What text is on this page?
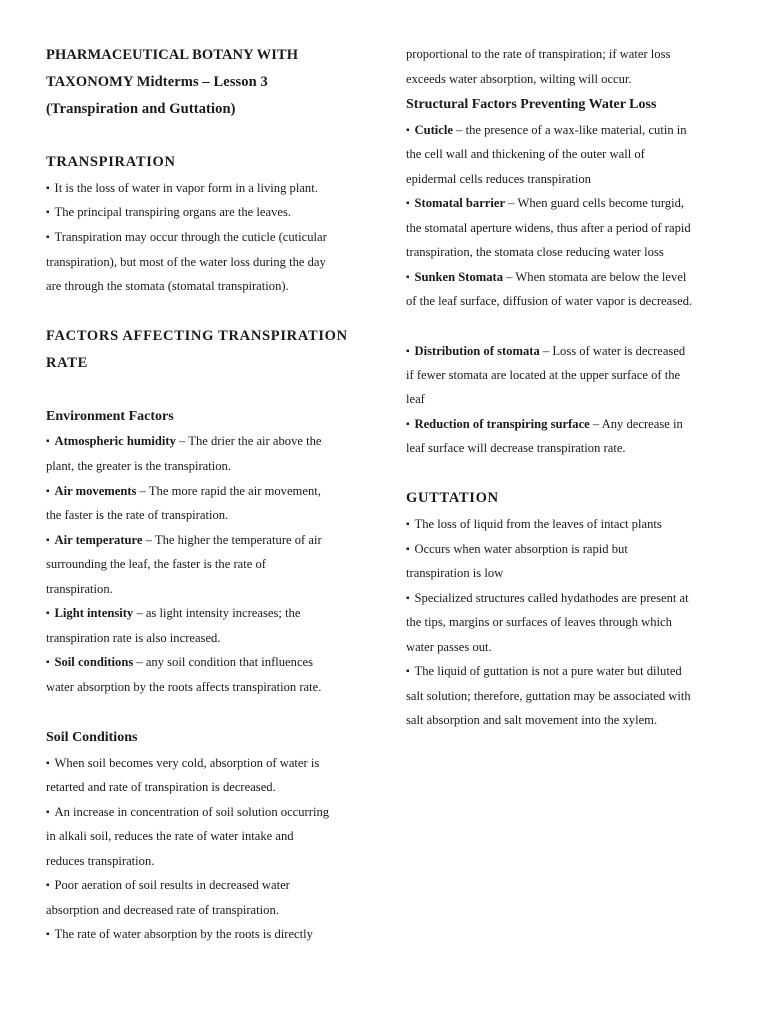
PHARMACEUTICAL BOTANY WITH
TAXONOMY Midterms – Lesson 3
(Transpiration and Guttation)
TRANSPIRATION
▪ It is the loss of water in vapor form in a living plant.
▪ The principal transpiring organs are the leaves.
▪ Transpiration may occur through the cuticle (cuticular
transpiration), but most of the water loss during the day
are through the stomata (stomatal transpiration).
FACTORS AFFECTING TRANSPIRATION
RATE
Environment Factors
▪ Atmospheric humidity – The drier the air above the
plant, the greater is the transpiration.
▪ Air movements – The more rapid the air movement,
the faster is the rate of transpiration.
▪ Air temperature – The higher the temperature of air
surrounding the leaf, the faster is the rate of
transpiration.
▪ Light intensity – as light intensity increases; the
transpiration rate is also increased.
▪ Soil conditions – any soil condition that influences
water absorption by the roots affects transpiration rate.
Soil Conditions
▪ When soil becomes very cold, absorption of water is
retarted and rate of transpiration is decreased.
▪ An increase in concentration of soil solution occurring
in alkali soil, reduces the rate of water intake and
reduces transpiration.
▪ Poor aeration of soil results in decreased water
absorption and decreased rate of transpiration.
▪ The rate of water absorption by the roots is directly
proportional to the rate of transpiration; if water loss
exceeds water absorption, wilting will occur.
Structural Factors Preventing Water Loss
▪ Cuticle – the presence of a wax-like material, cutin in
the cell wall and thickening of the outer wall of
epidermal cells reduces transpiration
▪ Stomatal barrier – When guard cells become turgid,
the stomatal aperture widens, thus after a period of rapid
transpiration, the stomata close reducing water loss
▪ Sunken Stomata – When stomata are below the level
of the leaf surface, diffusion of water vapor is decreased.
▪ Distribution of stomata – Loss of water is decreased
if fewer stomata are located at the upper surface of the
leaf
▪ Reduction of transpiring surface – Any decrease in
leaf surface will decrease transpiration rate.
GUTTATION
▪ The loss of liquid from the leaves of intact plants
▪ Occurs when water absorption is rapid but
transpiration is low
▪ Specialized structures called hydathodes are present at
the tips, margins or surfaces of leaves through which
water passes out.
▪ The liquid of guttation is not a pure water but diluted
salt solution; therefore, guttation may be associated with
salt absorption and salt movement into the xylem.
